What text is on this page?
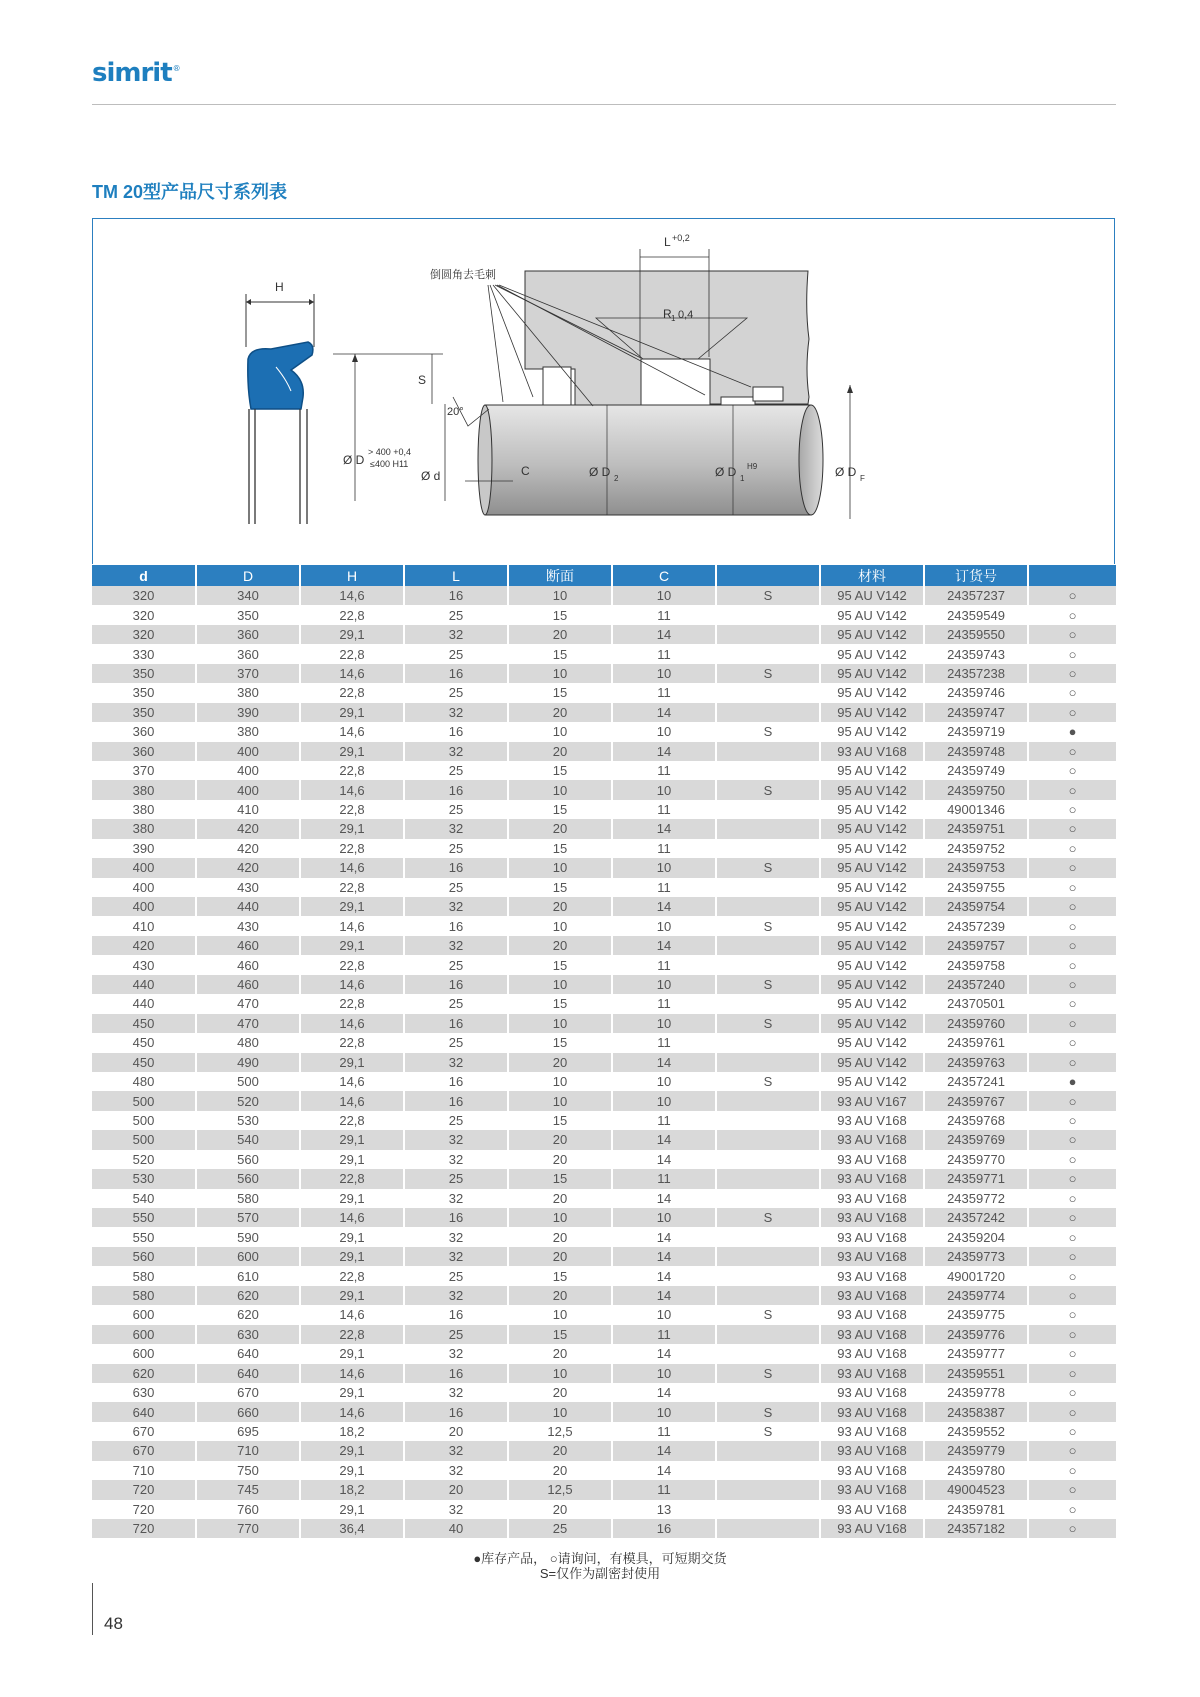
simrit®
TM 20型产品尺寸系列表
H
L +0,2
R 1 0,4
倒圆角去毛刺
Ø D
> 400 +0,4
≤400 H11
S
20°
Ø d	C	Ø D 2	Ø D 1
H9	Ø D F
d	D	H	L	断面	C		材料	订货号	
320	340	14,6	16	10	10	S	95 AU V142	24357237	○
320	350	22,8	25	15	11		95 AU V142	24359549	○
320	360	29,1	32	20	14		95 AU V142	24359550	○
330	360	22,8	25	15	11		95 AU V142	24359743	○
350	370	14,6	16	10	10	S	95 AU V142	24357238	○
350	380	22,8	25	15	11		95 AU V142	24359746	○
350	390	29,1	32	20	14		95 AU V142	24359747	○
360	380	14,6	16	10	10	S	95 AU V142	24359719	●
360	400	29,1	32	20	14		93 AU V168	24359748	○
370	400	22,8	25	15	11		95 AU V142	24359749	○
380	400	14,6	16	10	10	S	95 AU V142	24359750	○
380	410	22,8	25	15	11		95 AU V142	49001346	○
380	420	29,1	32	20	14		95 AU V142	24359751	○
390	420	22,8	25	15	11		95 AU V142	24359752	○
400	420	14,6	16	10	10	S	95 AU V142	24359753	○
400	430	22,8	25	15	11		95 AU V142	24359755	○
400	440	29,1	32	20	14		95 AU V142	24359754	○
410	430	14,6	16	10	10	S	95 AU V142	24357239	○
420	460	29,1	32	20	14		95 AU V142	24359757	○
430	460	22,8	25	15	11		95 AU V142	24359758	○
440	460	14,6	16	10	10	S	95 AU V142	24357240	○
440	470	22,8	25	15	11		95 AU V142	24370501	○
450	470	14,6	16	10	10	S	95 AU V142	24359760	○
450	480	22,8	25	15	11		95 AU V142	24359761	○
450	490	29,1	32	20	14		95 AU V142	24359763	○
480	500	14,6	16	10	10	S	95 AU V142	24357241	●
500	520	14,6	16	10	10		93 AU V167	24359767	○
500	530	22,8	25	15	11		93 AU V168	24359768	○
500	540	29,1	32	20	14		93 AU V168	24359769	○
520	560	29,1	32	20	14		93 AU V168	24359770	○
530	560	22,8	25	15	11		93 AU V168	24359771	○
540	580	29,1	32	20	14		93 AU V168	24359772	○
550	570	14,6	16	10	10	S	93 AU V168	24357242	○
550	590	29,1	32	20	14		93 AU V168	24359204	○
560	600	29,1	32	20	14		93 AU V168	24359773	○
580	610	22,8	25	15	14		93 AU V168	49001720	○
580	620	29,1	32	20	14		93 AU V168	24359774	○
600	620	14,6	16	10	10	S	93 AU V168	24359775	○
600	630	22,8	25	15	11		93 AU V168	24359776	○
600	640	29,1	32	20	14		93 AU V168	24359777	○
620	640	14,6	16	10	10	S	93 AU V168	24359551	○
630	670	29,1	32	20	14		93 AU V168	24359778	○
640	660	14,6	16	10	10	S	93 AU V168	24358387	○
670	695	18,2	20	12,5	11	S	93 AU V168	24359552	○
670	710	29,1	32	20	14		93 AU V168	24359779	○
710	750	29,1	32	20	14		93 AU V168	24359780	○
720	745	18,2	20	12,5	11		93 AU V168	49004523	○
720	760	29,1	32	20	13		93 AU V168	24359781	○
720	770	36,4	40	25	16		93 AU V168	24357182	○
●库存产品， ○请询问，有模具，可短期交货
S=仅作为副密封使用
48
